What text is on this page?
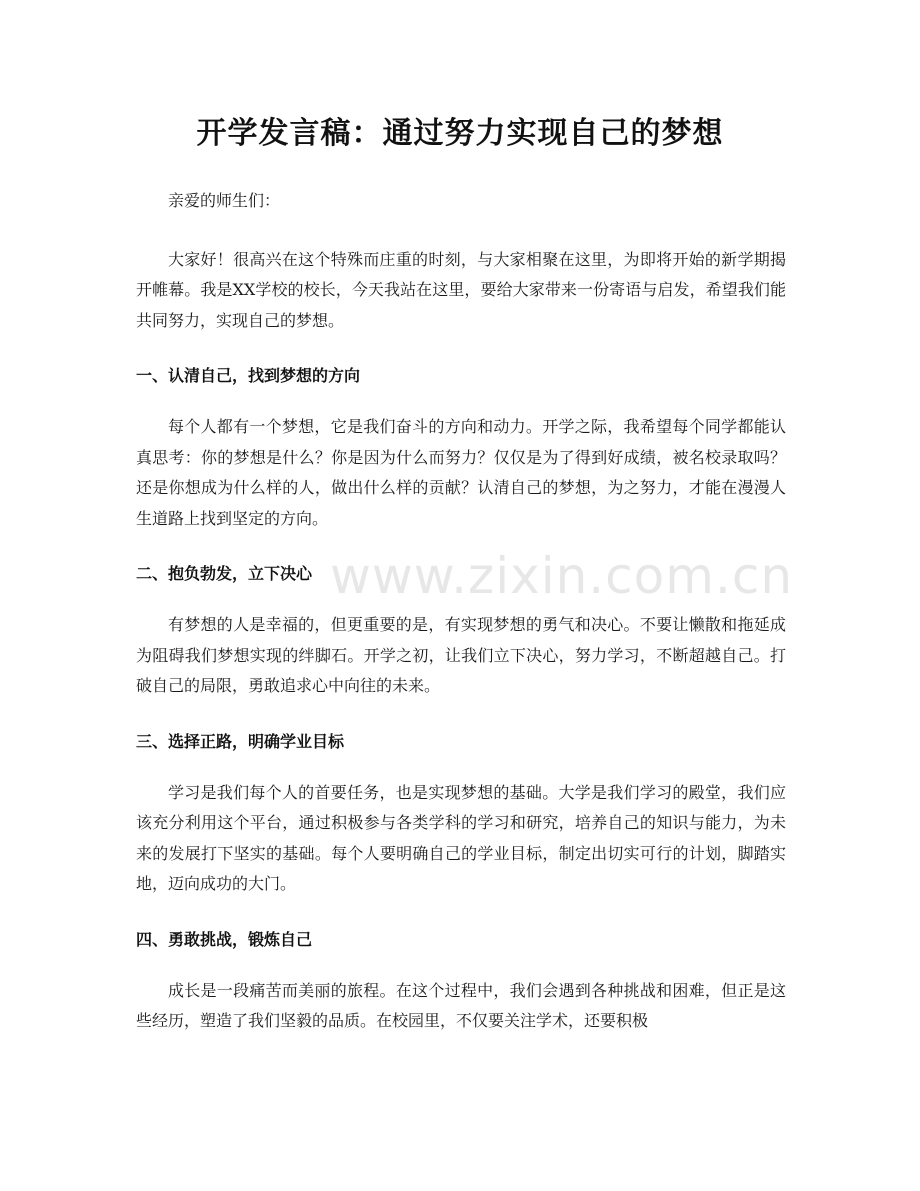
开学发言稿：通过努力实现自己的梦想

亲爱的师生们：

大家好！很高兴在这个特殊而庄重的时刻，与大家相聚在这里，为即将开始的新学期揭开帷幕。我是XX学校的校长，今天我站在这里，要给大家带来一份寄语与启发，希望我们能共同努力，实现自己的梦想。

一、认清自己，找到梦想的方向

每个人都有一个梦想，它是我们奋斗的方向和动力。开学之际，我希望每个同学都能认真思考：你的梦想是什么？你是因为什么而努力？仅仅是为了得到好成绩，被名校录取吗？还是你想成为什么样的人，做出什么样的贡献？认清自己的梦想，为之努力，才能在漫漫人生道路上找到坚定的方向。

二、抱负勃发，立下决心

有梦想的人是幸福的，但更重要的是，有实现梦想的勇气和决心。不要让懒散和拖延成为阻碍我们梦想实现的绊脚石。开学之初，让我们立下决心，努力学习，不断超越自己。打破自己的局限，勇敢追求心中向往的未来。

三、选择正路，明确学业目标

学习是我们每个人的首要任务，也是实现梦想的基础。大学是我们学习的殿堂，我们应该充分利用这个平台，通过积极参与各类学科的学习和研究，培养自己的知识与能力，为未来的发展打下坚实的基础。每个人要明确自己的学业目标，制定出切实可行的计划，脚踏实地，迈向成功的大门。

四、勇敢挑战，锻炼自己

成长是一段痛苦而美丽的旅程。在这个过程中，我们会遇到各种挑战和困难，但正是这些经历，塑造了我们坚毅的品质。在校园里，不仅要关注学术，还要积极

www.zixin.com.cn
